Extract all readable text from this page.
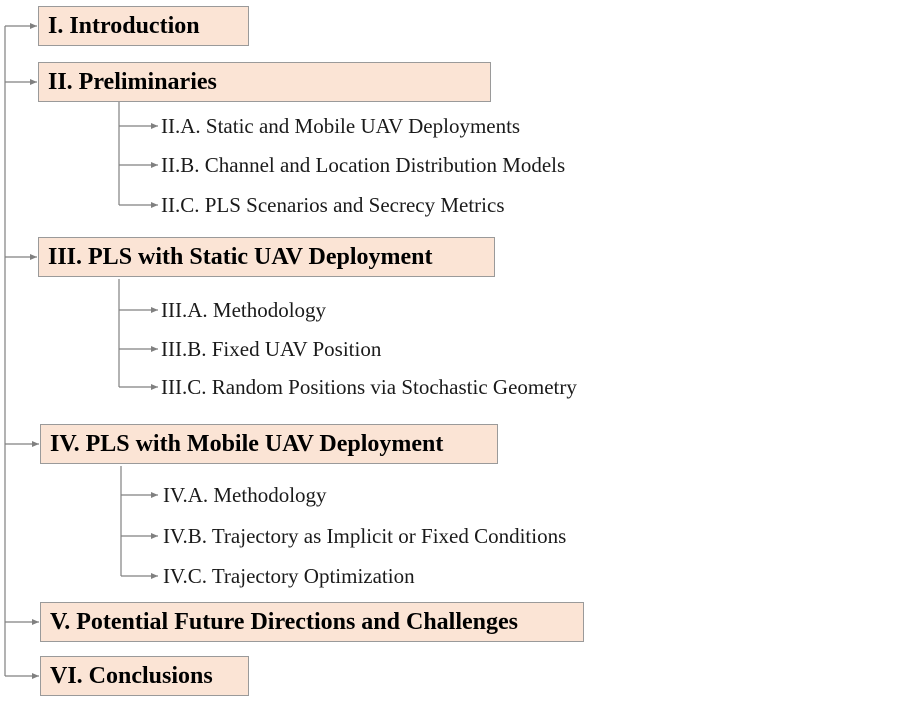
I. Introduction
II. Preliminaries
III. PLS with Static UAV Deployment
IV. PLS with Mobile UAV Deployment
V. Potential Future Directions and Challenges
VI. Conclusions
II.A. Static and Mobile UAV Deployments
II.B. Channel and Location Distribution Models
II.C. PLS Scenarios and Secrecy Metrics
III.A. Methodology
III.B. Fixed UAV Position
III.C. Random Positions via Stochastic Geometry
IV.A. Methodology
IV.B. Trajectory as Implicit or Fixed Conditions
IV.C. Trajectory Optimization
